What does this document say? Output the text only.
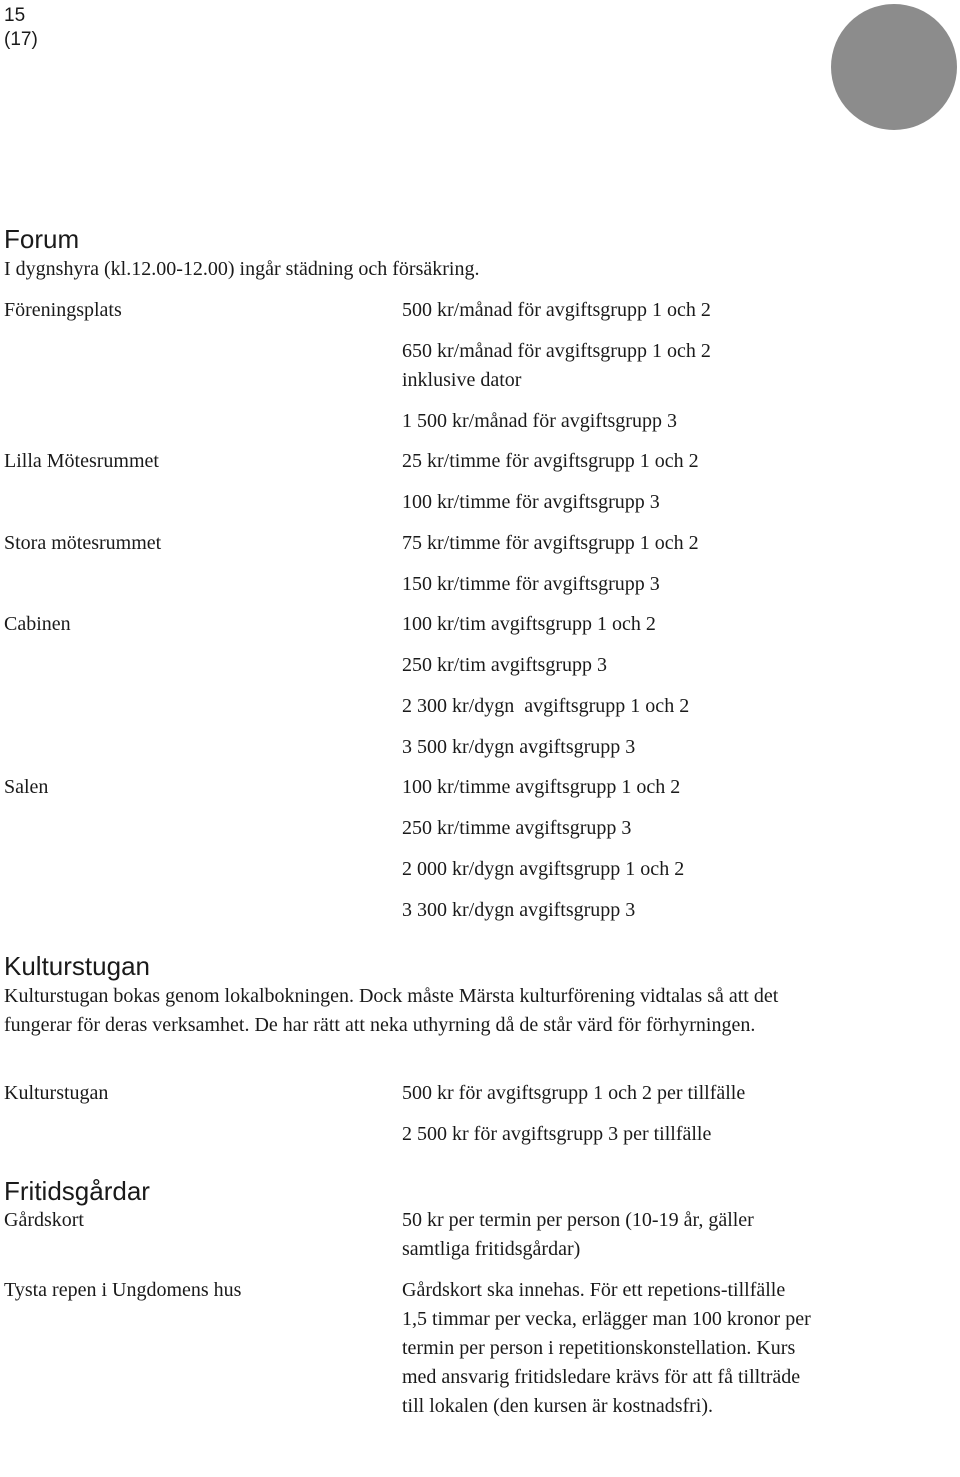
15
(17)
Forum
I dygnshyra (kl.12.00-12.00) ingår städning och försäkring.
Föreningsplats	500 kr/månad för avgiftsgrupp 1 och 2
650 kr/månad för avgiftsgrupp 1 och 2
inklusive dator
1 500 kr/månad för avgiftsgrupp 3
Lilla Mötesrummet	25 kr/timme för avgiftsgrupp 1 och 2
100 kr/timme för avgiftsgrupp 3
Stora mötesrummet	75 kr/timme för avgiftsgrupp 1 och 2
150 kr/timme för avgiftsgrupp 3
Cabinen	100 kr/tim avgiftsgrupp 1 och 2
250 kr/tim avgiftsgrupp 3
2 300 kr/dygn  avgiftsgrupp 1 och 2
3 500 kr/dygn avgiftsgrupp 3
Salen	100 kr/timme avgiftsgrupp 1 och 2
250 kr/timme avgiftsgrupp 3
2 000 kr/dygn avgiftsgrupp 1 och 2
3 300 kr/dygn avgiftsgrupp 3
Kulturstugan
Kulturstugan bokas genom lokalbokningen. Dock måste Märsta kulturförening vidtalas så att det fungerar för deras verksamhet. De har rätt att neka uthyrning då de står värd för förhyrningen.
Kulturstugan	500 kr för avgiftsgrupp 1 och 2 per tillfälle
2 500 kr för avgiftsgrupp 3 per tillfälle
Fritidsgårdar
Gårdskort	50 kr per termin per person (10-19 år, gäller samtliga fritidsgårdar)
Tysta repen i Ungdomens hus	Gårdskort ska innehas. För ett repetions-tillfälle 1,5 timmar per vecka, erlägger man 100 kronor per termin per person i repetitionskonstellation. Kurs med ansvarig fritidsledare krävs för att få tillträde till lokalen (den kursen är kostnadsfri).
